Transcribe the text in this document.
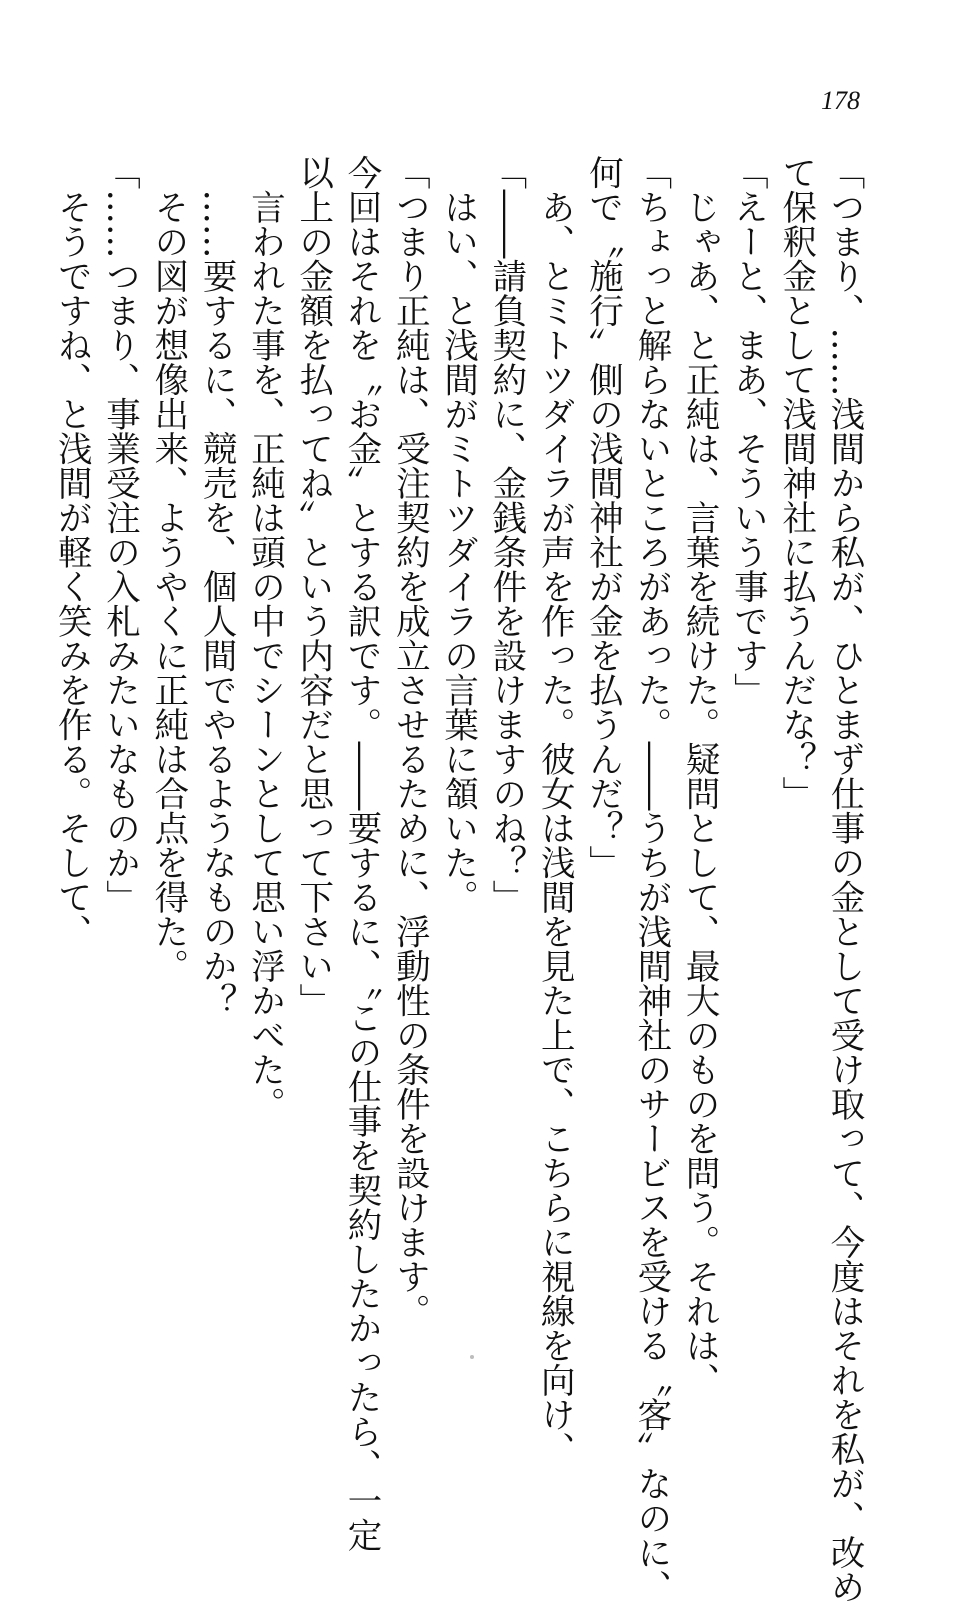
178
「つまり、……浅間から私が、ひとまず仕事の金として受け取って、今度はそれを私が、改め
て保釈金として浅間神社に払うんだな？」
「えーと、まあ、そういう事です」
　じゃあ、と正純は、言葉を続けた。疑問として、最大のものを問う。それは、
「ちょっと解らないところがあった。――うちが浅間神社のサービスを受ける〝客〟なのに、
何で〝施行〟側の浅間神社が金を払うんだ？」
　あ、とミトツダイラが声を作った。彼女は浅間を見た上で、こちらに視線を向け、
「――請負契約に、金銭条件を設けますのね？」
　はい、と浅間がミトツダイラの言葉に頷いた。
「つまり正純は、受注契約を成立させるために、浮動性の条件を設けます。
今回はそれを〝お金〟とする訳です。――要するに、〝この仕事を契約したかったら、一定
以上の金額を払ってね〟という内容だと思って下さい」
　言われた事を、正純は頭の中でシーンとして思い浮かべた。
　……要するに、競売を、個人間でやるようなものか？
　その図が想像出来、ようやくに正純は合点を得た。
「……つまり、事業受注の入札みたいなものか」
　そうですね、と浅間が軽く笑みを作る。そして、
